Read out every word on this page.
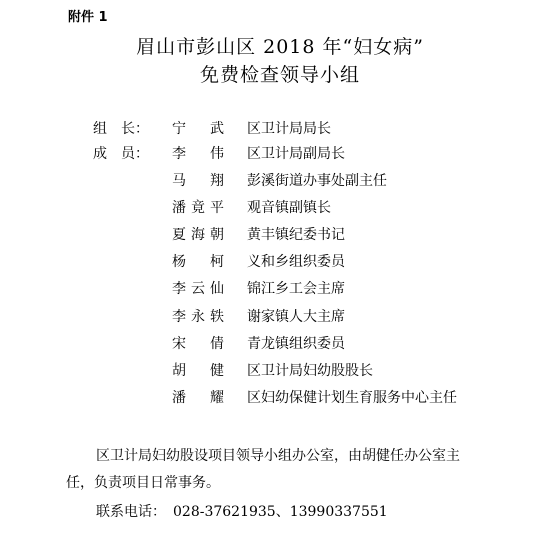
附件 1
眉山市彭山区 2018 年“妇女病”
免费检查领导小组
组　长： 宁武 区卫计局局长
成　员： 李伟 区卫计局副局长
马翔 彭溪街道办事处副主任
潘竟平 观音镇副镇长
夏海朝 黄丰镇纪委书记
杨柯 义和乡组织委员
李云仙 锦江乡工会主席
李永轶 谢家镇人大主席
宋倩 青龙镇组织委员
胡健 区卫计局妇幼股股长
潘耀 区妇幼保健计划生育服务中心主任
区卫计局妇幼股设项目领导小组办公室，由胡健任办公室主
任，负责项目日常事务。
联系电话：　028-37621935、13990337551
